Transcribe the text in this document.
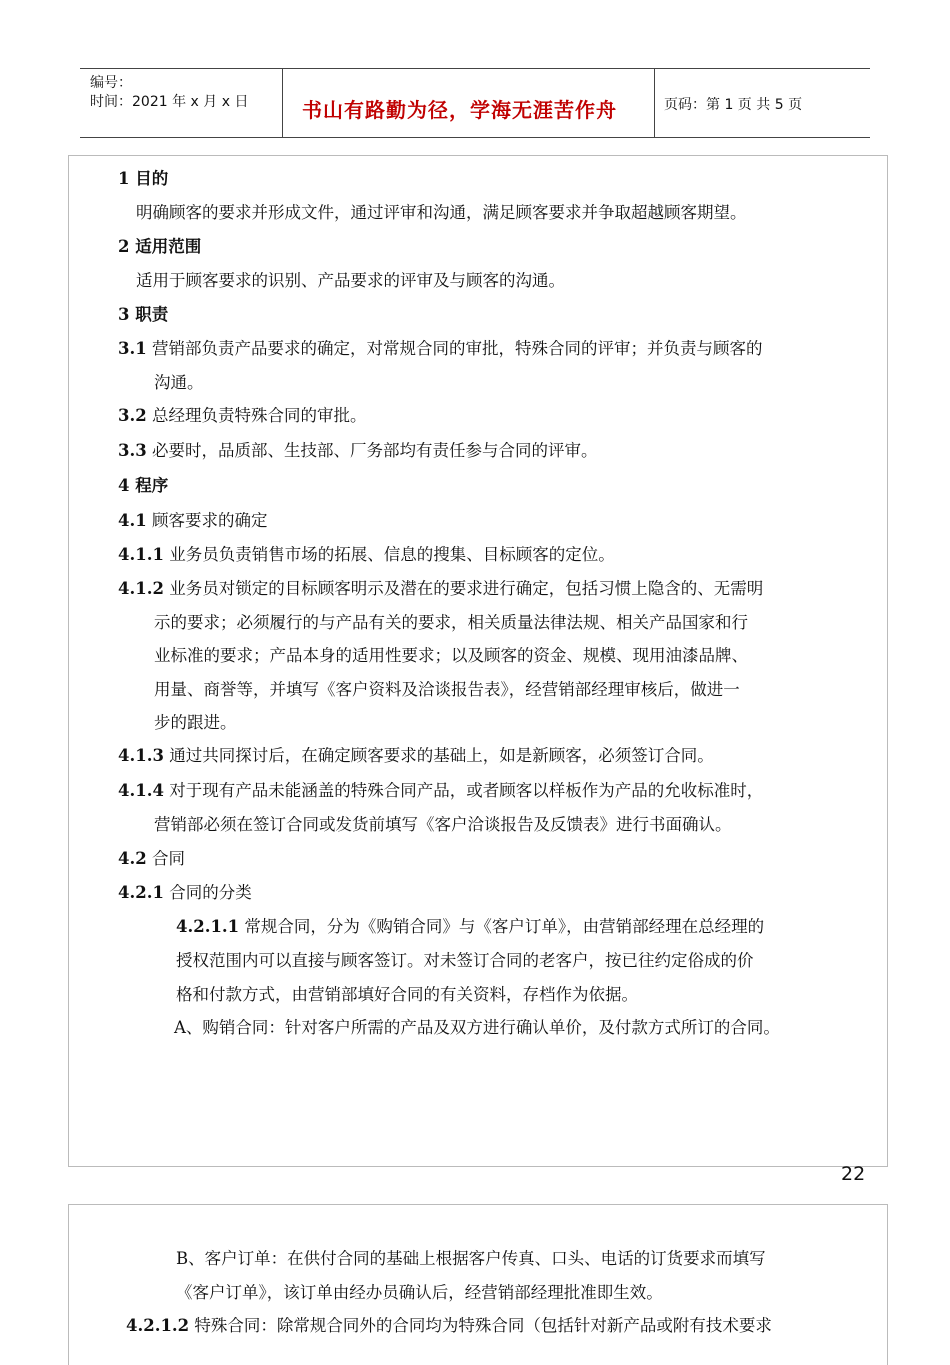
编号：
时间：2021 年 x 月 x 日	书山有路勤为径，学海无涯苦作舟	页码：第 1 页 共 5 页
22
1 目的
明确顾客的要求并形成文件，通过评审和沟通，满足顾客要求并争取超越顾客期望。
2 适用范围
适用于顾客要求的识别、产品要求的评审及与顾客的沟通。
3 职责
3.1 营销部负责产品要求的确定，对常规合同的审批，特殊合同的评审；并负责与顾客的
沟通。
3.2 总经理负责特殊合同的审批。
3.3 必要时，品质部、生技部、厂务部均有责任参与合同的评审。
4 程序
4.1 顾客要求的确定
4.1.1 业务员负责销售市场的拓展、信息的搜集、目标顾客的定位。
4.1.2 业务员对锁定的目标顾客明示及潜在的要求进行确定，包括习惯上隐含的、无需明
示的要求；必须履行的与产品有关的要求，相关质量法律法规、相关产品国家和行
业标准的要求；产品本身的适用性要求；以及顾客的资金、规模、现用油漆品牌、
用量、商誉等，并填写《客户资料及洽谈报告表》，经营销部经理审核后，做进一
步的跟进。
4.1.3 通过共同探讨后，在确定顾客要求的基础上，如是新顾客，必须签订合同。
4.1.4 对于现有产品未能涵盖的特殊合同产品，或者顾客以样板作为产品的允收标准时，
营销部必须在签订合同或发货前填写《客户洽谈报告及反馈表》进行书面确认。
4.2 合同
4.2.1 合同的分类
4.2.1.1 常规合同，分为《购销合同》与《客户订单》，由营销部经理在总经理的
授权范围内可以直接与顾客签订。对未签订合同的老客户，按已往约定俗成的价
格和付款方式，由营销部填好合同的有关资料，存档作为依据。
A、购销合同：针对客户所需的产品及双方进行确认单价，及付款方式所订的合同。
B、客户订单：在供付合同的基础上根据客户传真、口头、电话的订货要求而填写
《客户订单》，该订单由经办员确认后，经营销部经理批准即生效。
4.2.1.2 特殊合同：除常规合同外的合同均为特殊合同（包括针对新产品或附有技术要求
